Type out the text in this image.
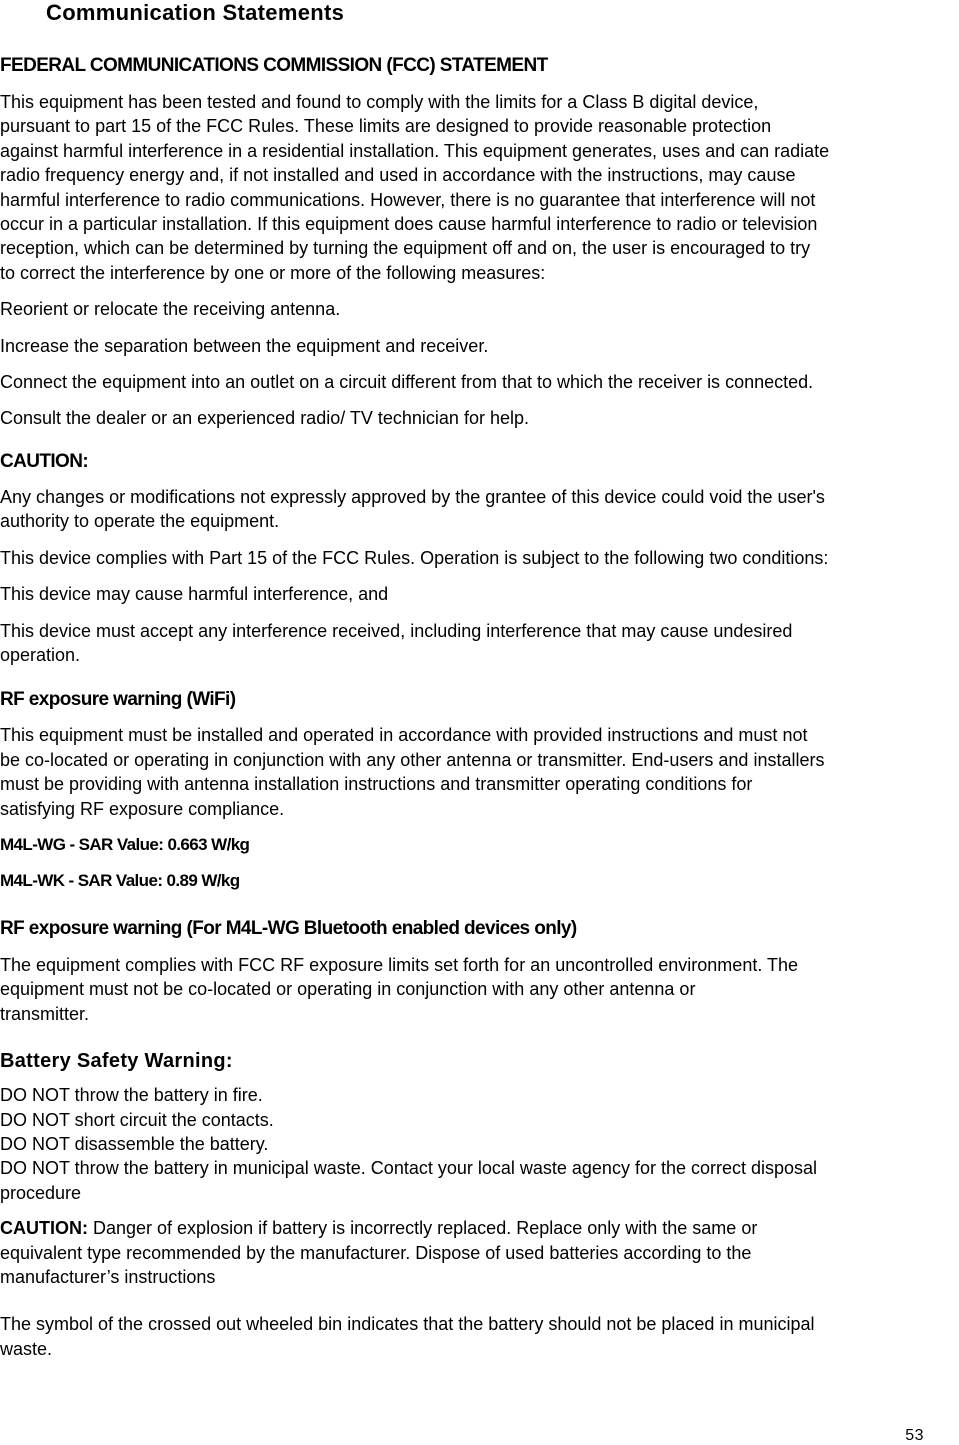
Communication Statements
FEDERAL COMMUNICATIONS COMMISSION (FCC) STATEMENT
This equipment has been tested and found to comply with the limits for a Class B digital device,
pursuant to part 15 of the FCC Rules. These limits are designed to provide reasonable protection
against harmful interference in a residential installation. This equipment generates, uses and can radiate
radio frequency energy and, if not installed and used in accordance with the instructions, may cause
harmful interference to radio communications. However, there is no guarantee that interference will not
occur in a particular installation. If this equipment does cause harmful interference to radio or television
reception, which can be determined by turning the equipment off and on, the user is encouraged to try
to correct the interference by one or more of the following measures:
Reorient or relocate the receiving antenna.
Increase the separation between the equipment and receiver.
Connect the equipment into an outlet on a circuit different from that to which the receiver is connected.
Consult the dealer or an experienced radio/ TV technician for help.
CAUTION:
Any changes or modifications not expressly approved by the grantee of this device could void the user's
authority to operate the equipment.
This device complies with Part 15 of the FCC Rules. Operation is subject to the following two conditions:
This device may cause harmful interference, and
This device must accept any interference received, including interference that may cause undesired
operation.
RF exposure warning (WiFi)
This equipment must be installed and operated in accordance with provided instructions and must not
be co-located or operating in conjunction with any other antenna or transmitter. End-users and installers
must be providing with antenna installation instructions and transmitter operating conditions for
satisfying RF exposure compliance.
M4L-WG - SAR Value: 0.663 W/kg
M4L-WK - SAR Value: 0.89 W/kg
RF exposure warning (For M4L-WG Bluetooth enabled devices only)
The equipment complies with FCC RF exposure limits set forth for an uncontrolled environment. The
equipment must not be co-located or operating in conjunction with any other antenna or
transmitter.
Battery Safety Warning:
DO NOT throw the battery in fire.
DO NOT short circuit the contacts.
DO NOT disassemble the battery.
DO NOT throw the battery in municipal waste. Contact your local waste agency for the correct disposal
procedure
CAUTION: Danger of explosion if battery is incorrectly replaced. Replace only with the same or
equivalent type recommended by the manufacturer. Dispose of used batteries according to the
manufacturer’s instructions
The symbol of the crossed out wheeled bin indicates that the battery should not be placed in municipal
waste.
53
